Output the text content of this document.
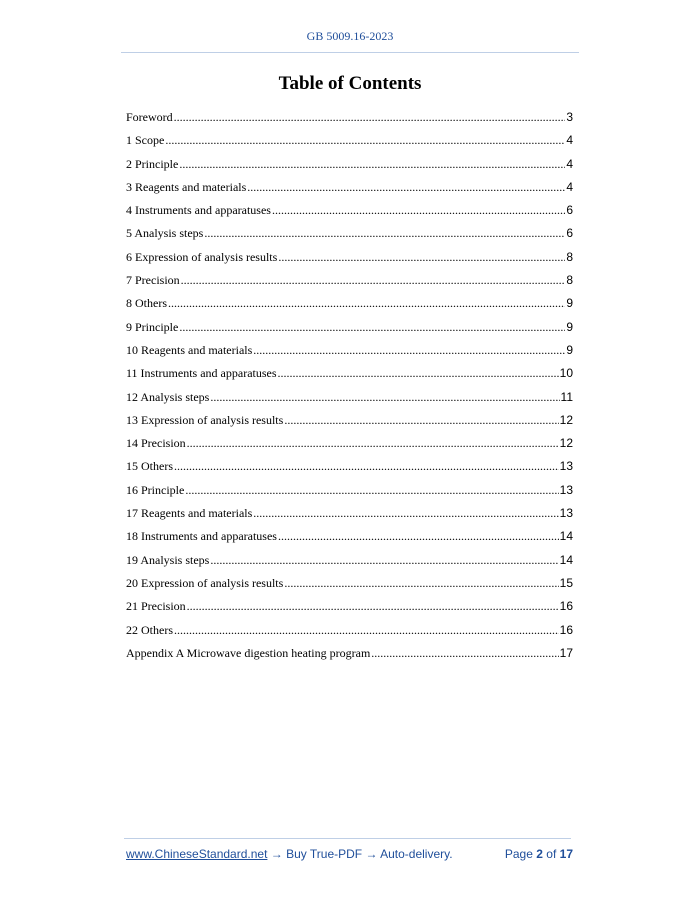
GB 5009.16-2023
Table of Contents
Foreword .....	3
1 Scope .....	4
2 Principle .....	4
3 Reagents and materials .....	4
4 Instruments and apparatuses .....	6
5 Analysis steps .....	6
6 Expression of analysis results .....	8
7 Precision .....	8
8 Others .....	9
9 Principle .....	9
10 Reagents and materials .....	9
11 Instruments and apparatuses .....	10
12 Analysis steps .....	11
13 Expression of analysis results .....	12
14 Precision .....	12
15 Others .....	13
16 Principle .....	13
17 Reagents and materials .....	13
18 Instruments and apparatuses .....	14
19 Analysis steps .....	14
20 Expression of analysis results .....	15
21 Precision .....	16
22 Others .....	16
Appendix A Microwave digestion heating program .....	17
www.ChineseStandard.net → Buy True-PDF → Auto-delivery.	Page 2 of 17
